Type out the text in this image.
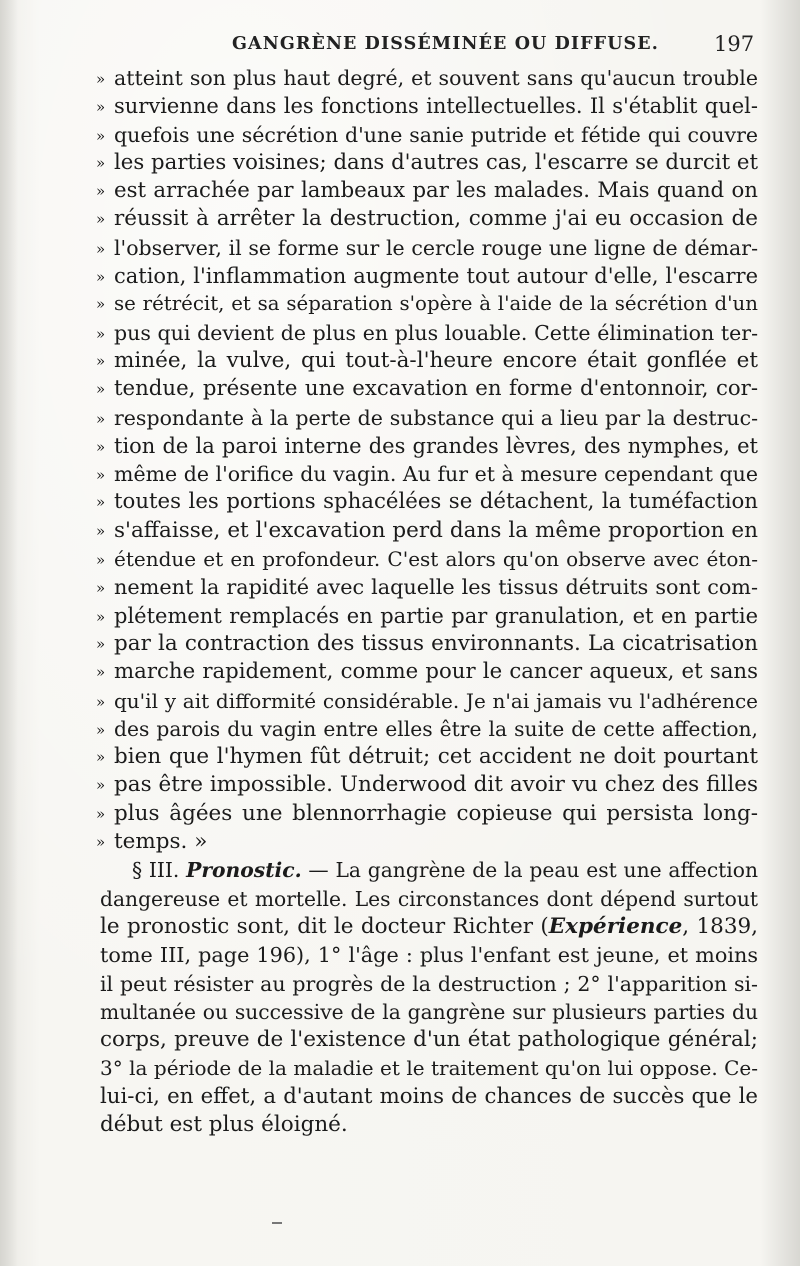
GANGRÈNE DISSÉMINÉE OU DIFFUSE.	197
» atteint son plus haut degré, et souvent sans qu'aucun trouble
» survienne dans les fonctions intellectuelles. Il s'établit quel-
» quefois une sécrétion d'une sanie putride et fétide qui couvre
» les parties voisines; dans d'autres cas, l'escarre se durcit et
» est arrachée par lambeaux par les malades. Mais quand on
» réussit à arrêter la destruction, comme j'ai eu occasion de
» l'observer, il se forme sur le cercle rouge une ligne de démar-
» cation, l'inflammation augmente tout autour d'elle, l'escarre
» se rétrécit, et sa séparation s'opère à l'aide de la sécrétion d'un
» pus qui devient de plus en plus louable. Cette élimination ter-
» minée, la vulve, qui tout-à-l'heure encore était gonflée et
» tendue, présente une excavation en forme d'entonnoir, cor-
» respondante à la perte de substance qui a lieu par la destruc-
» tion de la paroi interne des grandes lèvres, des nymphes, et
» même de l'orifice du vagin. Au fur et à mesure cependant que
» toutes les portions sphacélées se détachent, la tuméfaction
» s'affaisse, et l'excavation perd dans la même proportion en
» étendue et en profondeur. C'est alors qu'on observe avec éton-
» nement la rapidité avec laquelle les tissus détruits sont com-
» plétement remplacés en partie par granulation, et en partie
» par la contraction des tissus environnants. La cicatrisation
» marche rapidement, comme pour le cancer aqueux, et sans
» qu'il y ait difformité considérable. Je n'ai jamais vu l'adhérence
» des parois du vagin entre elles être la suite de cette affection,
» bien que l'hymen fût détruit; cet accident ne doit pourtant
» pas être impossible. Underwood dit avoir vu chez des filles
» plus âgées une blennorrhagie copieuse qui persista long-
» temps. »
§ III. Pronostic. — La gangrène de la peau est une affection
dangereuse et mortelle. Les circonstances dont dépend surtout
le pronostic sont, dit le docteur Richter (Expérience, 1839,
tome III, page 196), 1° l'âge : plus l'enfant est jeune, et moins
il peut résister au progrès de la destruction ; 2° l'apparition si-
multanée ou successive de la gangrène sur plusieurs parties du
corps, preuve de l'existence d'un état pathologique général;
3° la période de la maladie et le traitement qu'on lui oppose. Ce-
lui-ci, en effet, a d'autant moins de chances de succès que le
début est plus éloigné.
